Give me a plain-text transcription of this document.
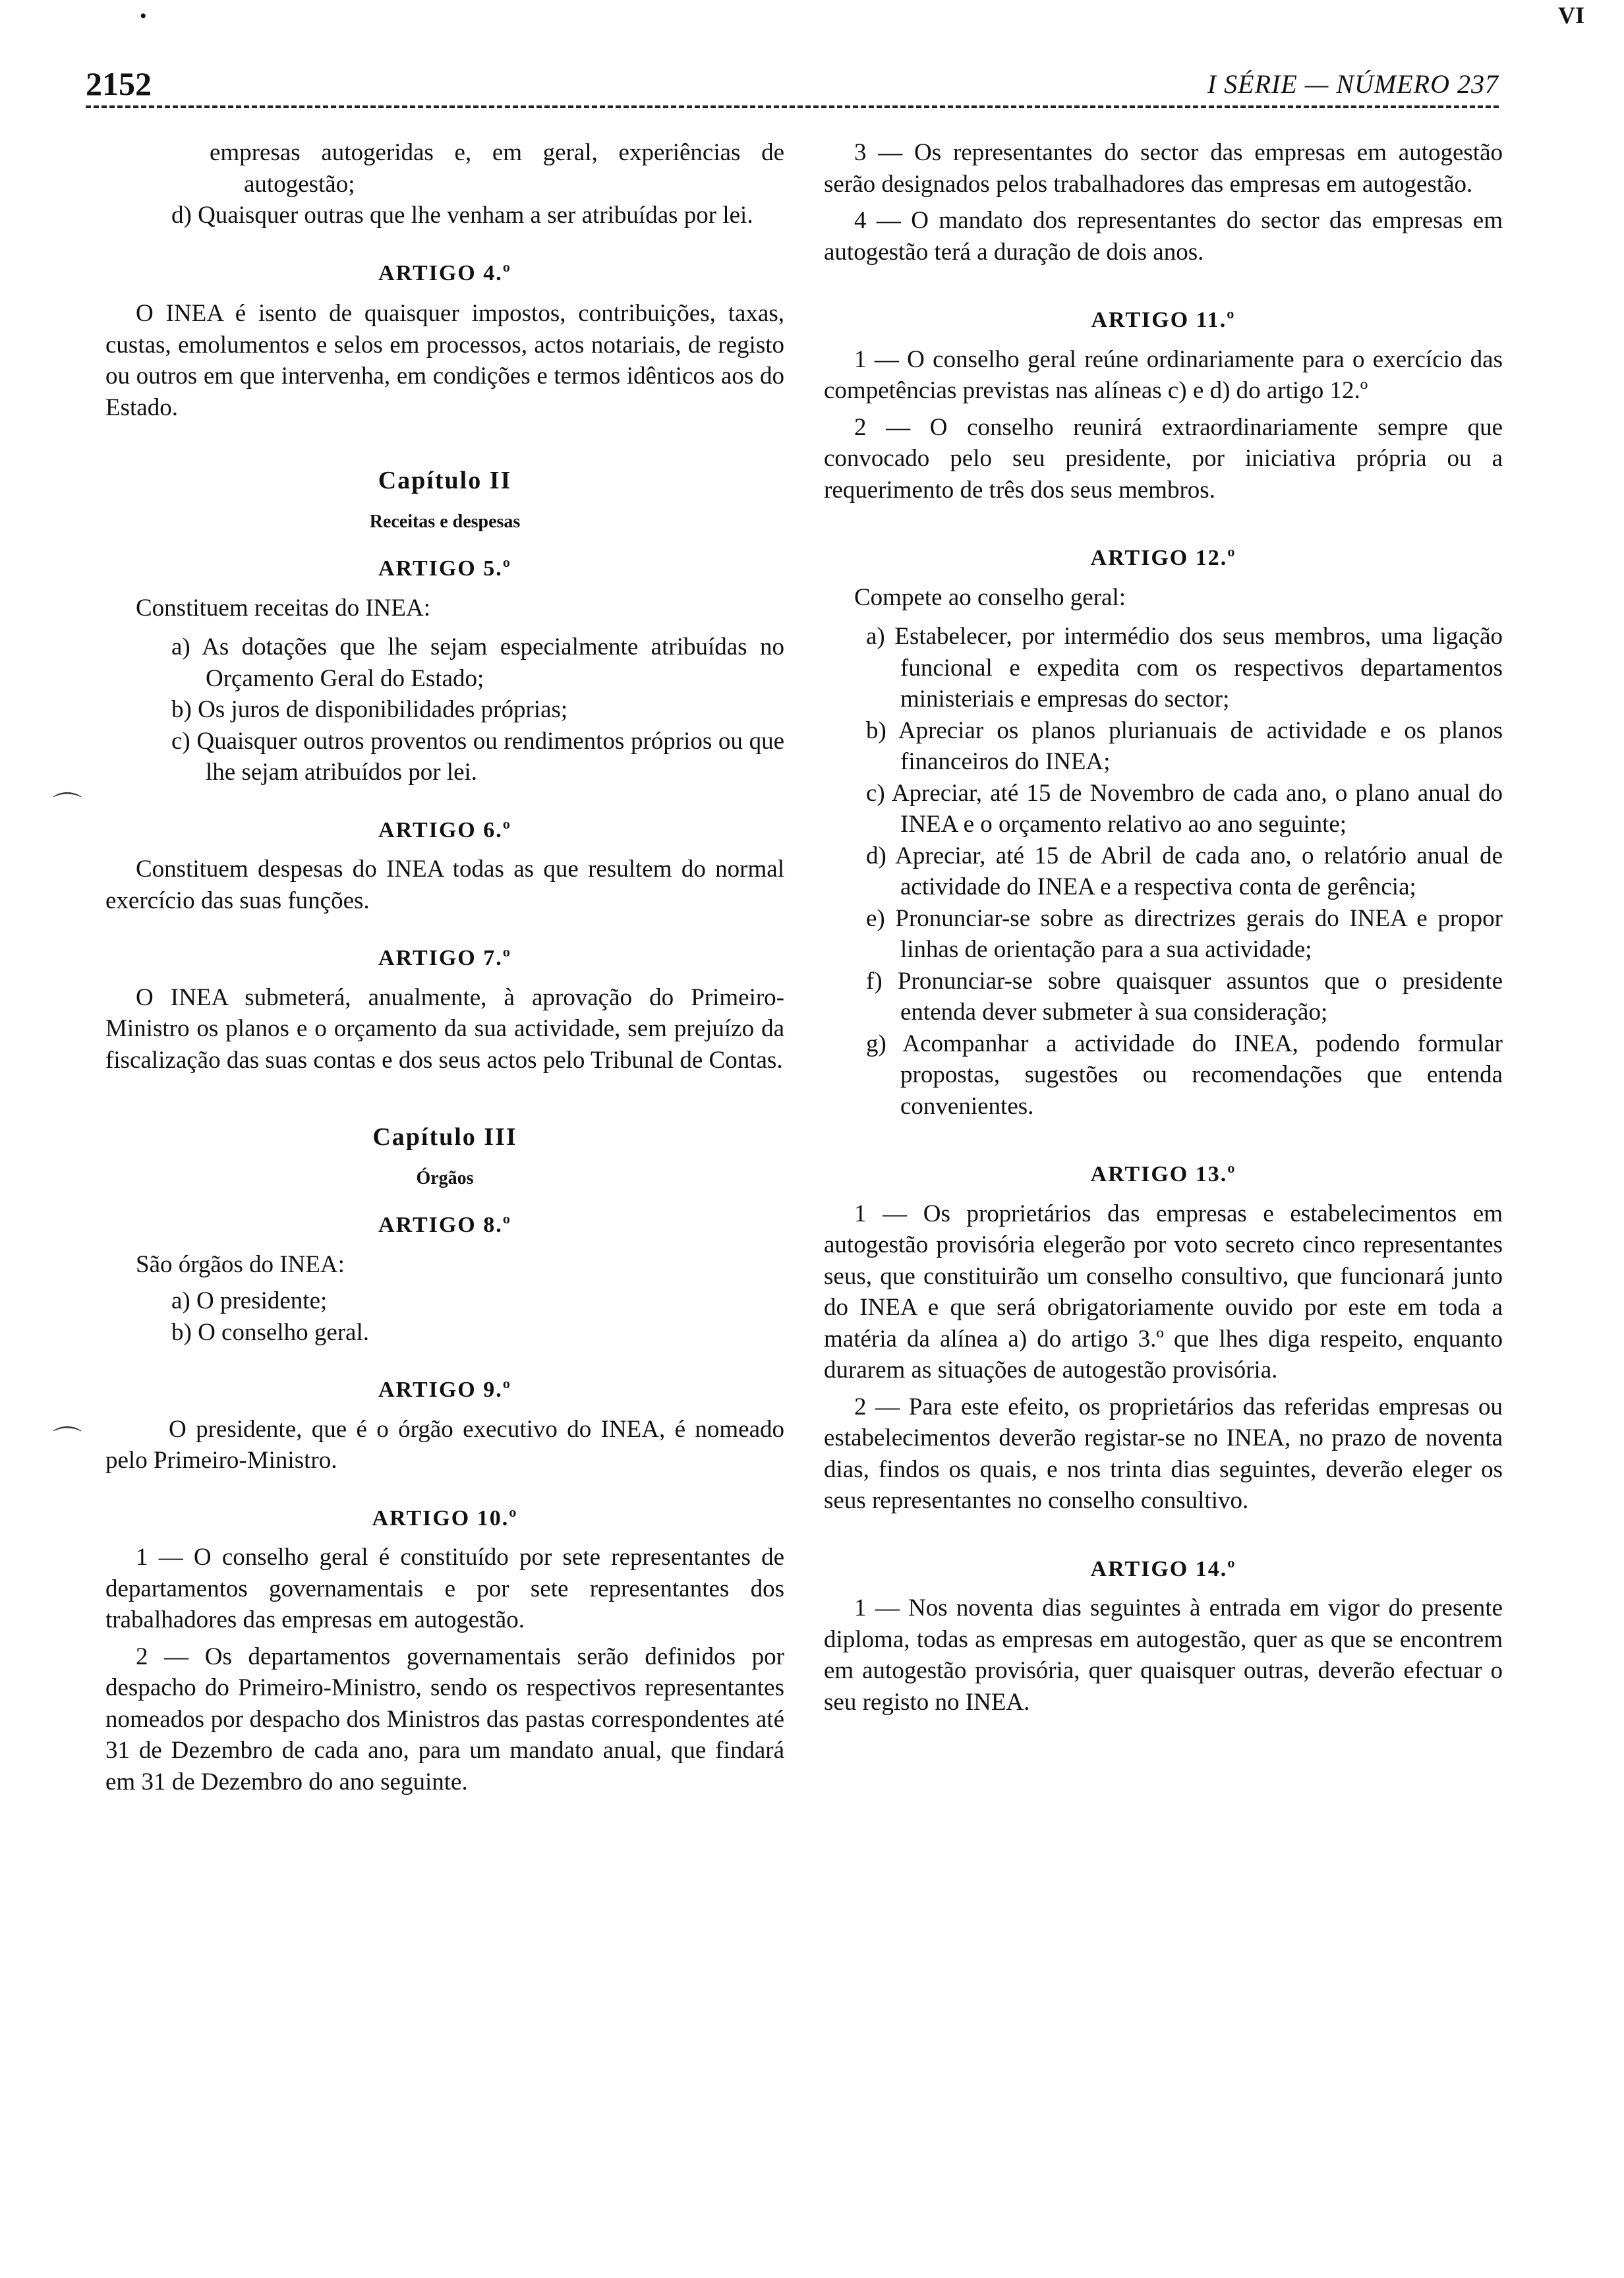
•	VI
2152	I SÉRIE — NÚMERO 237
⌒
⌒

empresas autogeridas e, em geral, experiências de autogestão;

d) Quaisquer outras que lhe venham a ser atribuídas por lei.

ARTIGO 4.º

O INEA é isento de quaisquer impostos, contribuições, taxas, custas, emolumentos e selos em processos, actos notariais, de registo ou outros em que intervenha, em condições e termos idênticos aos do Estado.

Capítulo II

Receitas e despesas

ARTIGO 5.º

Constituem receitas do INEA:

a) As dotações que lhe sejam especialmente atribuídas no Orçamento Geral do Estado;

b) Os juros de disponibilidades próprias;

c) Quaisquer outros proventos ou rendimentos próprios ou que lhe sejam atribuídos por lei.

ARTIGO 6.º

Constituem despesas do INEA todas as que resultem do normal exercício das suas funções.

ARTIGO 7.º

O INEA submeterá, anualmente, à aprovação do Primeiro-Ministro os planos e o orçamento da sua actividade, sem prejuízo da fiscalização das suas contas e dos seus actos pelo Tribunal de Contas.

Capítulo III

Órgãos

ARTIGO 8.º

São órgãos do INEA:

a) O presidente;

b) O conselho geral.

ARTIGO 9.º

O presidente, que é o órgão executivo do INEA, é nomeado pelo Primeiro-Ministro.

ARTIGO 10.º

1 — O conselho geral é constituído por sete representantes de departamentos governamentais e por sete representantes dos trabalhadores das empresas em autogestão.

2 — Os departamentos governamentais serão definidos por despacho do Primeiro-Ministro, sendo os respectivos representantes nomeados por despacho dos Ministros das pastas correspondentes até 31 de Dezembro de cada ano, para um mandato anual, que findará em 31 de Dezembro do ano seguinte.

3 — Os representantes do sector das empresas em autogestão serão designados pelos trabalhadores das empresas em autogestão.

4 — O mandato dos representantes do sector das empresas em autogestão terá a duração de dois anos.

ARTIGO 11.º

1 — O conselho geral reúne ordinariamente para o exercício das competências previstas nas alíneas c) e d) do artigo 12.º

2 — O conselho reunirá extraordinariamente sempre que convocado pelo seu presidente, por iniciativa própria ou a requerimento de três dos seus membros.

ARTIGO 12.º

Compete ao conselho geral:

a) Estabelecer, por intermédio dos seus membros, uma ligação funcional e expedita com os respectivos departamentos ministeriais e empresas do sector;

b) Apreciar os planos plurianuais de actividade e os planos financeiros do INEA;

c) Apreciar, até 15 de Novembro de cada ano, o plano anual do INEA e o orçamento relativo ao ano seguinte;

d) Apreciar, até 15 de Abril de cada ano, o relatório anual de actividade do INEA e a respectiva conta de gerência;

e) Pronunciar-se sobre as directrizes gerais do INEA e propor linhas de orientação para a sua actividade;

f) Pronunciar-se sobre quaisquer assuntos que o presidente entenda dever submeter à sua consideração;

g) Acompanhar a actividade do INEA, podendo formular propostas, sugestões ou recomendações que entenda convenientes.

ARTIGO 13.º

1 — Os proprietários das empresas e estabelecimentos em autogestão provisória elegerão por voto secreto cinco representantes seus, que constituirão um conselho consultivo, que funcionará junto do INEA e que será obrigatoriamente ouvido por este em toda a matéria da alínea a) do artigo 3.º que lhes diga respeito, enquanto durarem as situações de autogestão provisória.

2 — Para este efeito, os proprietários das referidas empresas ou estabelecimentos deverão registar-se no INEA, no prazo de noventa dias, findos os quais, e nos trinta dias seguintes, deverão eleger os seus representantes no conselho consultivo.

ARTIGO 14.º

1 — Nos noventa dias seguintes à entrada em vigor do presente diploma, todas as empresas em autogestão, quer as que se encontrem em autogestão provisória, quer quaisquer outras, deverão efectuar o seu registo no INEA.
